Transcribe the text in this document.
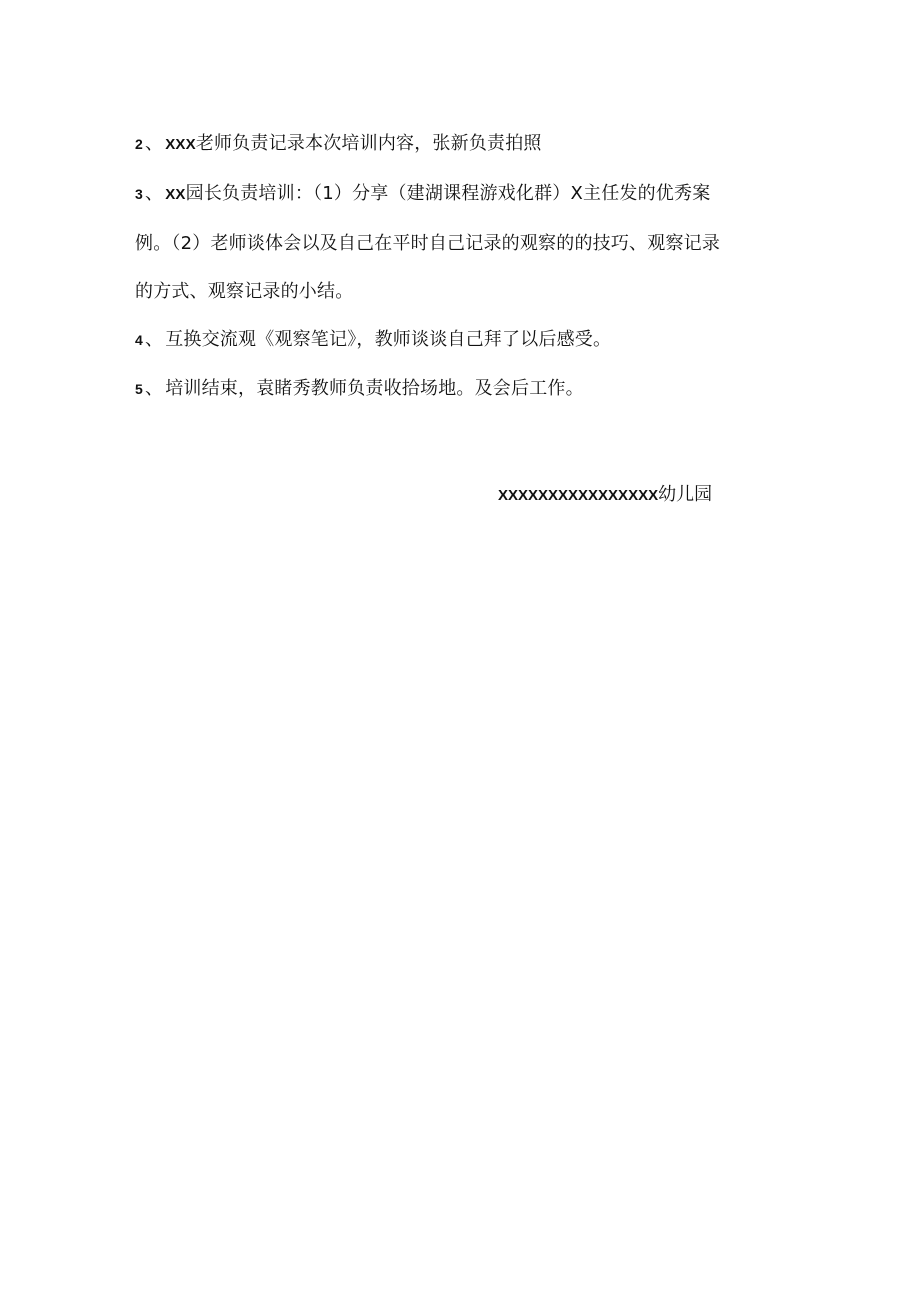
2 、 XXX老师负责记录本次培训内容，张新负责拍照
3 、 XX园长负责培训：（1）分享（建湖课程游戏化群）X主任发的优秀案
例。（2）老师谈体会以及自己在平时自己记录的观察的的技巧、观察记录
的方式、观察记录的小结。
4 、 互换交流观《观察笔记》，教师谈谈自己拜了以后感受。
5 、 培训结束，袁睹秀教师负责收拾场地。及会后工作。
XXXXXXXXXXXXXXXX幼儿园
